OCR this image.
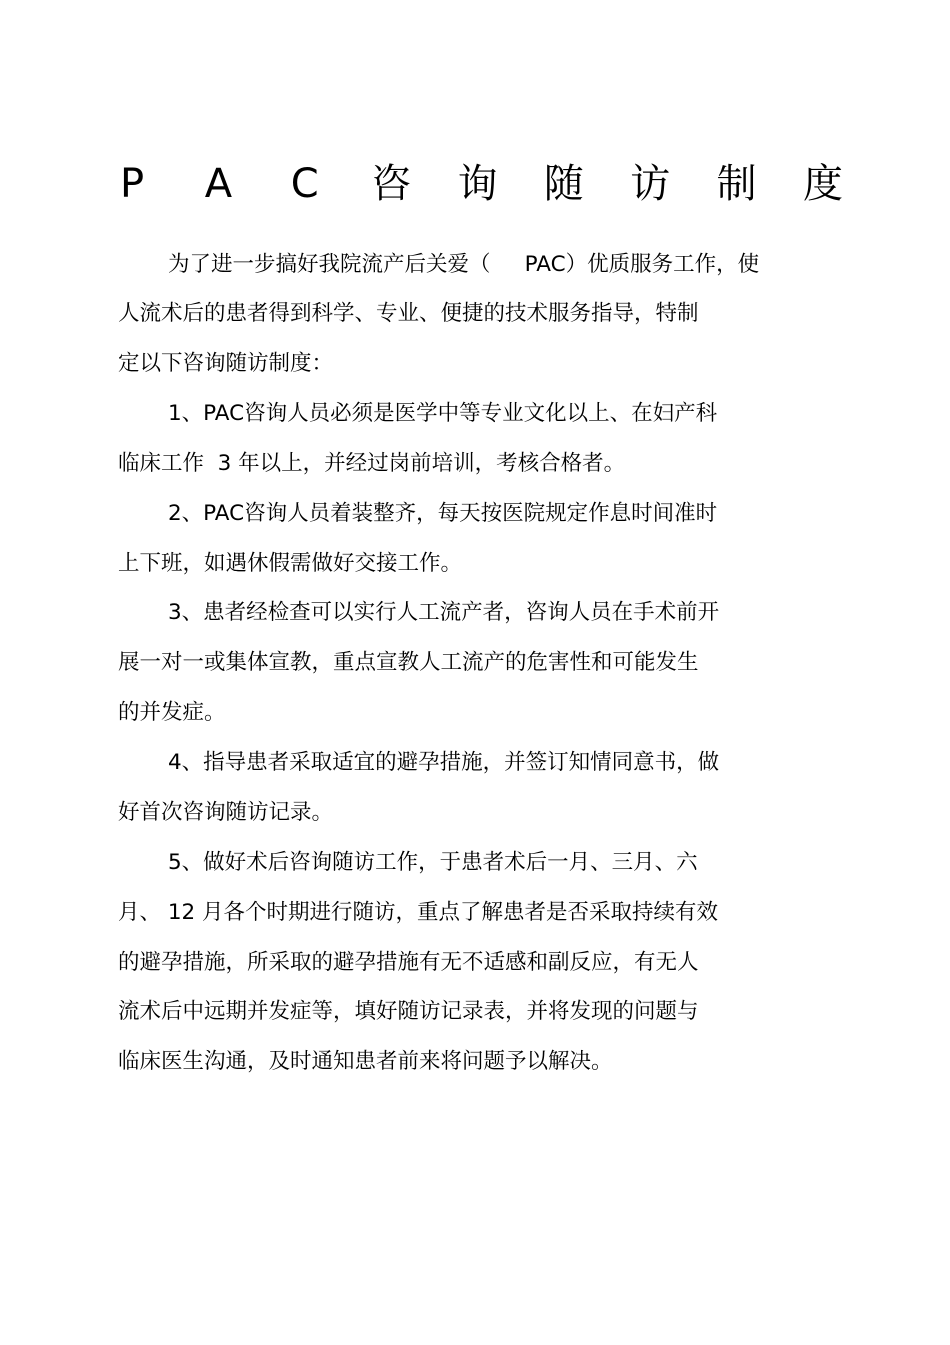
P A C 咨 询 随 访 制 度
为了进一步搞好我院流产后关爱（     PAC）优质服务工作，使
人流术后的患者得到科学、专业、便捷的技术服务指导，特制
定以下咨询随访制度：
1、PAC咨询人员必须是医学中等专业文化以上、在妇产科
临床工作  3 年以上，并经过岗前培训，考核合格者。
2、PAC咨询人员着装整齐，每天按医院规定作息时间准时
上下班，如遇休假需做好交接工作。
3、患者经检查可以实行人工流产者，咨询人员在手术前开
展一对一或集体宣教，重点宣教人工流产的危害性和可能发生
的并发症。
4、指导患者采取适宜的避孕措施，并签订知情同意书，做
好首次咨询随访记录。
5、做好术后咨询随访工作，于患者术后一月、三月、六
月、 12 月各个时期进行随访，重点了解患者是否采取持续有效
的避孕措施，所采取的避孕措施有无不适感和副反应，有无人
流术后中远期并发症等，填好随访记录表，并将发现的问题与
临床医生沟通，及时通知患者前来将问题予以解决。
